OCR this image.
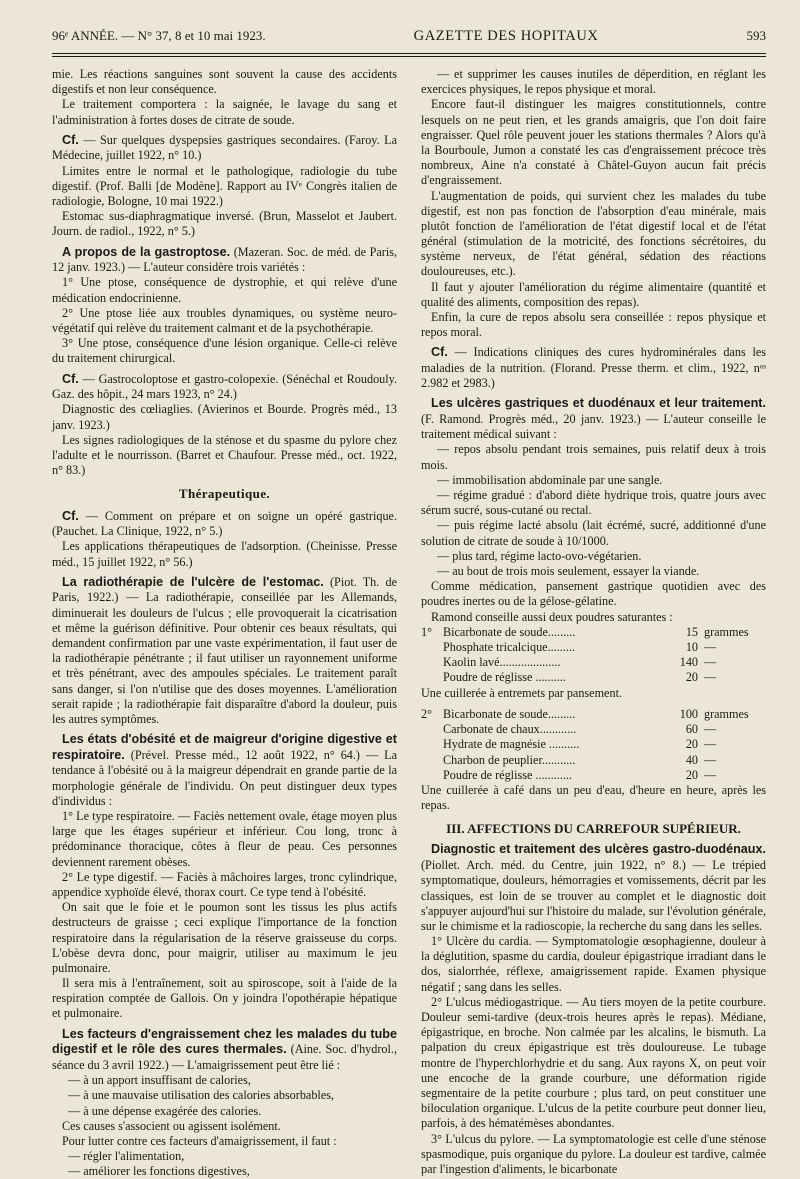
96ᵉ ANNÉE. — N° 37, 8 et 10 mai 1923.	GAZETTE DES HOPITAUX	593

mie. Les réactions sanguines sont souvent la cause des accidents digestifs et non leur conséquence.

Le traitement comportera : la saignée, le lavage du sang et l'administration à fortes doses de citrate de soude.

Cf. — Sur quelques dyspepsies gastriques secondaires. (Faroy. La Médecine, juillet 1922, n° 10.)

Limites entre le normal et le pathologique, radiologie du tube digestif. (Prof. Balli [de Modène]. Rapport au IVᵉ Congrès italien de radiologie, Bologne, 10 mai 1922.)

Estomac sus-diaphragmatique inversé. (Brun, Masselot et Jaubert. Journ. de radiol., 1922, n° 5.)

A propos de la gastroptose. (Mazeran. Soc. de méd. de Paris, 12 janv. 1923.) — L'auteur considère trois variétés :

1° Une ptose, conséquence de dystrophie, et qui relève d'une médication endocrinienne.

2° Une ptose liée aux troubles dynamiques, ou système neuro-végétatif qui relève du traitement calmant et de la psychothérapie.

3° Une ptose, conséquence d'une lésion organique. Celle-ci relève du traitement chirurgical.

Cf. — Gastrocoloptose et gastro-colopexie. (Sénéchal et Roudouly. Gaz. des hôpit., 24 mars 1923, n° 24.)

Diagnostic des cœliaglies. (Avierinos et Bourde. Progrès méd., 13 janv. 1923.)

Les signes radiologiques de la sténose et du spasme du pylore chez l'adulte et le nourrisson. (Barret et Chaufour. Presse méd., oct. 1922, n° 83.)

Thérapeutique.

Cf. — Comment on prépare et on soigne un opéré gastrique. (Pauchet. La Clinique, 1922, n° 5.)

Les applications thérapeutiques de l'adsorption. (Cheinisse. Presse méd., 15 juillet 1922, n° 56.)

La radiothérapie de l'ulcère de l'estomac. (Piot. Th. de Paris, 1922.) — La radiothérapie, conseillée par les Allemands, diminuerait les douleurs de l'ulcus ; elle provoquerait la cicatrisation et même la guérison définitive. Pour obtenir ces beaux résultats, qui demandent confirmation par une vaste expérimentation, il faut user de la radiothérapie pénétrante ; il faut utiliser un rayonnement uniforme et très pénétrant, avec des ampoules spéciales. Le traitement paraît sans danger, si l'on n'utilise que des doses moyennes. L'amélioration serait rapide ; la radiothérapie fait disparaître d'abord la douleur, puis les autres symptômes.

Les états d'obésité et de maigreur d'origine digestive et respiratoire. (Prével. Presse méd., 12 août 1922, n° 64.) — La tendance à l'obésité ou à la maigreur dépendrait en grande partie de la morphologie générale de l'individu. On peut distinguer deux types d'individus :

1° Le type respiratoire. — Faciès nettement ovale, étage moyen plus large que les étages supérieur et inférieur. Cou long, tronc à prédominance thoracique, côtes à fleur de peau. Ces personnes deviennent rarement obèses.

2° Le type digestif. — Faciès à mâchoires larges, tronc cylindrique, appendice xyphoïde élevé, thorax court. Ce type tend à l'obésité.

On sait que le foie et le poumon sont les tissus les plus actifs destructeurs de graisse ; ceci explique l'importance de la fonction respiratoire dans la régularisation de la réserve graisseuse du corps. L'obèse devra donc, pour maigrir, utiliser au maximum le jeu pulmonaire.

Il sera mis à l'entraînement, soit au spiroscope, soit à l'aide de la respiration comptée de Gallois. On y joindra l'opothérapie hépatique et pulmonaire.

Les facteurs d'engraissement chez les malades du tube digestif et le rôle des cures thermales. (Aine. Soc. d'hydrol., séance du 3 avril 1922.) — L'amaigrissement peut être lié :

— à un apport insuffisant de calories,

— à une mauvaise utilisation des calories absorbables,

— à une dépense exagérée des calories.

Ces causes s'associent ou agissent isolément.

Pour lutter contre ces facteurs d'amaigrissement, il faut :

— régler l'alimentation,

— améliorer les fonctions digestives,

— et supprimer les causes inutiles de déperdition, en réglant les exercices physiques, le repos physique et moral.

Encore faut-il distinguer les maigres constitutionnels, contre lesquels on ne peut rien, et les grands amaigris, que l'on doit faire engraisser. Quel rôle peuvent jouer les stations thermales ? Alors qu'à la Bourboule, Jumon a constaté les cas d'engraissement précoce très nombreux, Aine n'a constaté à Châtel-Guyon aucun fait précis d'engraissement.

L'augmentation de poids, qui survient chez les malades du tube digestif, est non pas fonction de l'absorption d'eau minérale, mais plutôt fonction de l'amélioration de l'état digestif local et de l'état général (stimulation de la motricité, des fonctions sécrétoires, du système nerveux, de l'état général, sédation des réactions douloureuses, etc.).

Il faut y ajouter l'amélioration du régime alimentaire (quantité et qualité des aliments, composition des repas).

Enfin, la cure de repos absolu sera conseillée : repos physique et repos moral.

Cf. — Indications cliniques des cures hydrominérales dans les maladies de la nutrition. (Florand. Presse therm. et clim., 1922, nᵒˢ 2.982 et 2983.)

Les ulcères gastriques et duodénaux et leur traitement. (F. Ramond. Progrès méd., 20 janv. 1923.) — L'auteur conseille le traitement médical suivant :

— repos absolu pendant trois semaines, puis relatif deux à trois mois.

— immobilisation abdominale par une sangle.

— régime gradué : d'abord diète hydrique trois, quatre jours avec sérum sucré, sous-cutané ou rectal.

— puis régime lacté absolu (lait écrémé, sucré, additionné d'une solution de citrate de soude à 10/1000.

— plus tard, régime lacto-ovo-végétarien.

— au bout de trois mois seulement, essayer la viande.

Comme médication, pansement gastrique quotidien avec des poudres inertes ou de la gélose-gélatine.

Ramond conseille aussi deux poudres saturantes :

1°	Bicarbonate de soude.........	15	grammes
	Phosphate tricalcique.........	10	—
	Kaolin lavé....................	140	—
	Poudre de réglisse ..........	20	—

Une cuillerée à entremets par pansement.

2°	Bicarbonate de soude.........	100	grammes
	Carbonate de chaux............	60	—
	Hydrate de magnésie ..........	20	—
	Charbon de peuplier...........	40	—
	Poudre de réglisse ............	20	—

Une cuillerée à café dans un peu d'eau, d'heure en heure, après les repas.

III. AFFECTIONS DU CARREFOUR SUPÉRIEUR.

Diagnostic et traitement des ulcères gastro-duodénaux. (Piollet. Arch. méd. du Centre, juin 1922, n° 8.) — Le trépied symptomatique, douleurs, hémorragies et vomissements, décrit par les classiques, est loin de se trouver au complet et le diagnostic doit s'appuyer aujourd'hui sur l'histoire du malade, sur l'évolution générale, sur le chimisme et la radioscopie, la recherche du sang dans les selles.

1° Ulcère du cardia. — Symptomatologie œsophagienne, douleur à la déglutition, spasme du cardia, douleur épigastrique irradiant dans le dos, sialorrhée, réflexe, amaigrissement rapide. Examen physique négatif ; sang dans les selles.

2° L'ulcus médiogastrique. — Au tiers moyen de la petite courbure. Douleur semi-tardive (deux-trois heures après le repas). Médiane, épigastrique, en broche. Non calmée par les alcalins, le bismuth. La palpation du creux épigastrique est très douloureuse. Le tubage montre de l'hyperchlorhydrie et du sang. Aux rayons X, on peut voir une encoche de la grande courbure, une déformation rigide segmentaire de la petite courbure ; plus tard, on peut constituer une biloculation organique. L'ulcus de la petite courbure peut donner lieu, parfois, à des hématémèses abondantes.

3° L'ulcus du pylore. — La symptomatologie est celle d'une sténose spasmodique, puis organique du pylore. La douleur est tardive, calmée par l'ingestion d'aliments, le bicarbonate
